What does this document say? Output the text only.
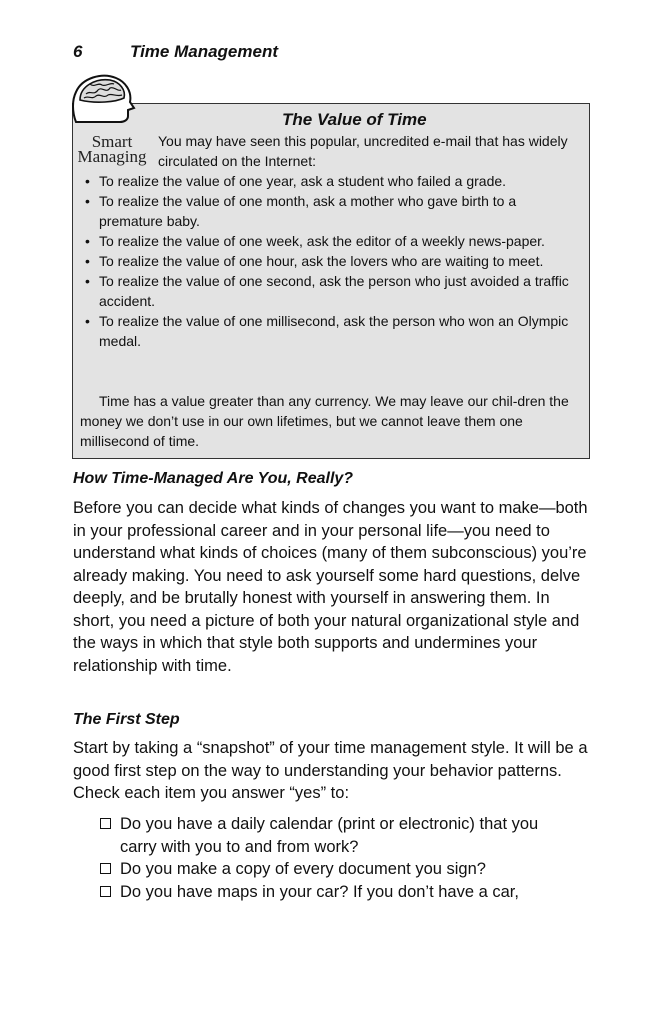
6	Time Management
Smart
Managing
The Value of Time
You may have seen this popular, uncredited e-mail that has widely circulated on the Internet:
• To realize the value of one year, ask a student who failed a grade.
• To realize the value of one month, ask a mother who gave birth to a premature baby.
• To realize the value of one week, ask the editor of a weekly news-paper.
• To realize the value of one hour, ask the lovers who are waiting to meet.
• To realize the value of one second, ask the person who just avoided a traffic accident.
• To realize the value of one millisecond, ask the person who won an Olympic medal.
Time has a value greater than any currency. We may leave our chil-dren the money we don’t use in our own lifetimes, but we cannot leave them one millisecond of time.
How Time-Managed Are You, Really?
Before you can decide what kinds of changes you want to make—both in your professional career and in your personal life—you need to understand what kinds of choices (many of them subconscious) you’re already making. You need to ask yourself some hard questions, delve deeply, and be brutally honest with yourself in answering them. In short, you need a picture of both your natural organizational style and the ways in which that style both supports and undermines your relationship with time.
The First Step
Start by taking a “snapshot” of your time management style. It will be a good first step on the way to understanding your behavior patterns. Check each item you answer “yes” to:
Do you have a daily calendar (print or electronic) that you carry with you to and from work?
Do you make a copy of every document you sign?
Do you have maps in your car? If you don’t have a car,
